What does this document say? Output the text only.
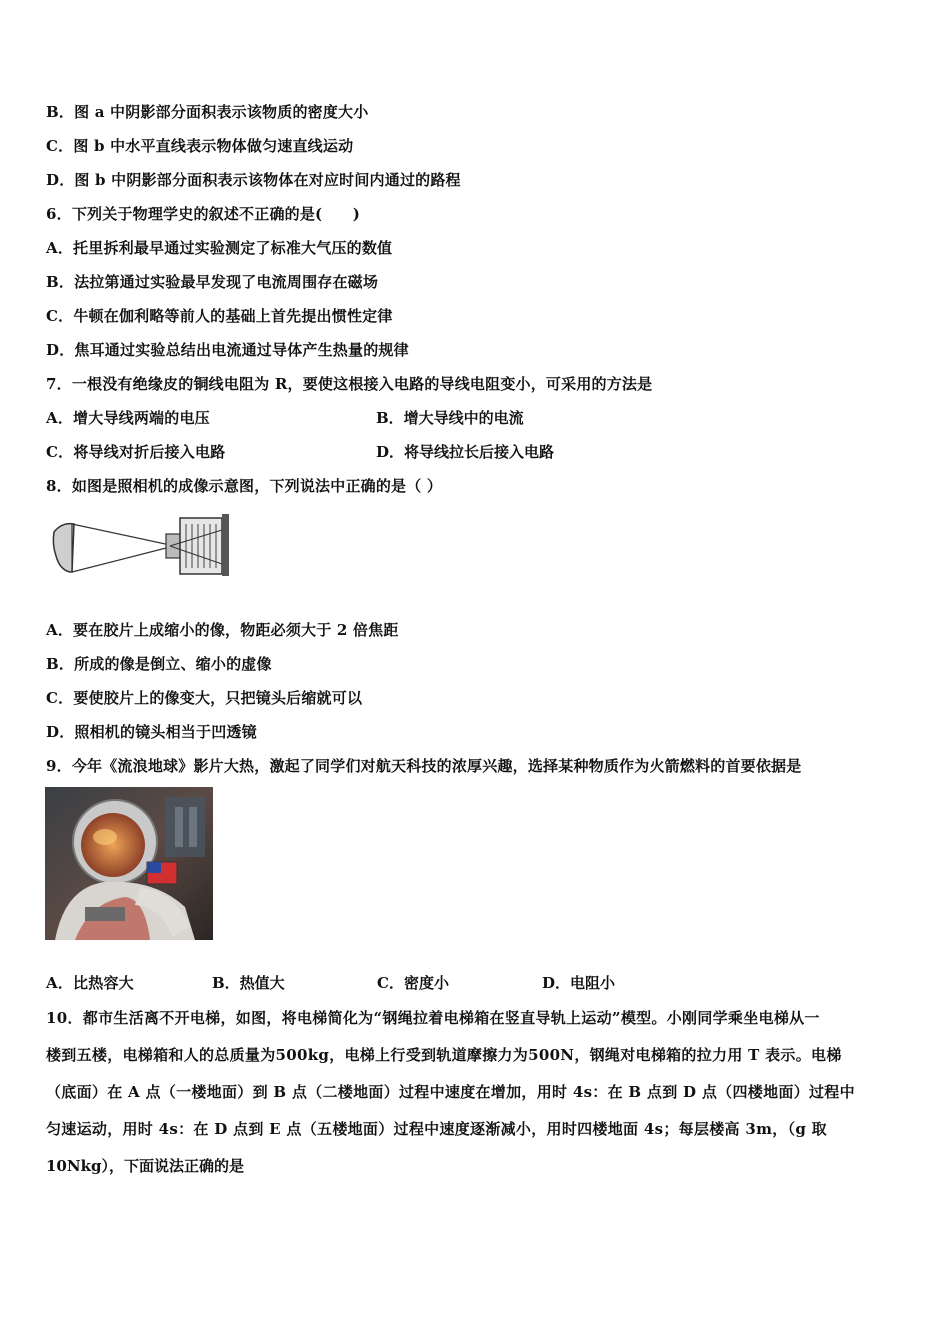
B．图 a 中阴影部分面积表示该物质的密度大小
C．图 b 中水平直线表示物体做匀速直线运动
D．图 b 中阴影部分面积表示该物体在对应时间内通过的路程
6．下列关于物理学史的叙述不正确的是(　　)
A．托里拆利最早通过实验测定了标准大气压的数值
B．法拉第通过实验最早发现了电流周围存在磁场
C．牛顿在伽利略等前人的基础上首先提出惯性定律
D．焦耳通过实验总结出电流通过导体产生热量的规律
7．一根没有绝缘皮的铜线电阻为 R，要使这根接入电路的导线电阻变小，可采用的方法是
A．增大导线两端的电压	B．增大导线中的电流
C．将导线对折后接入电路	D．将导线拉长后接入电路
8．如图是照相机的成像示意图，下列说法中正确的是（ ）
A．要在胶片上成缩小的像，物距必须大于 2 倍焦距
B．所成的像是倒立、缩小的虚像
C．要使胶片上的像变大，只把镜头后缩就可以
D．照相机的镜头相当于凹透镜
9．今年《流浪地球》影片大热，激起了同学们对航天科技的浓厚兴趣，选择某种物质作为火箭燃料的首要依据是
A．比热容大	B．热值大	C．密度小	D．电阻小
10．都市生活离不开电梯，如图，将电梯简化为“钢绳拉着电梯箱在竖直导轨上运动”模型。小刚同学乘坐电梯从一
楼到五楼，电梯箱和人的总质量为500kg，电梯上行受到轨道摩擦力为500N，钢绳对电梯箱的拉力用 T 表示。电梯
（底面）在 A 点（一楼地面）到 B 点（二楼地面）过程中速度在增加，用时 4s：在 B 点到 D 点（四楼地面）过程中
匀速运动，用时 4s：在 D 点到 E 点（五楼地面）过程中速度逐渐减小，用时四楼地面 4s；每层楼高 3m，（g 取
10Nkg），下面说法正确的是
